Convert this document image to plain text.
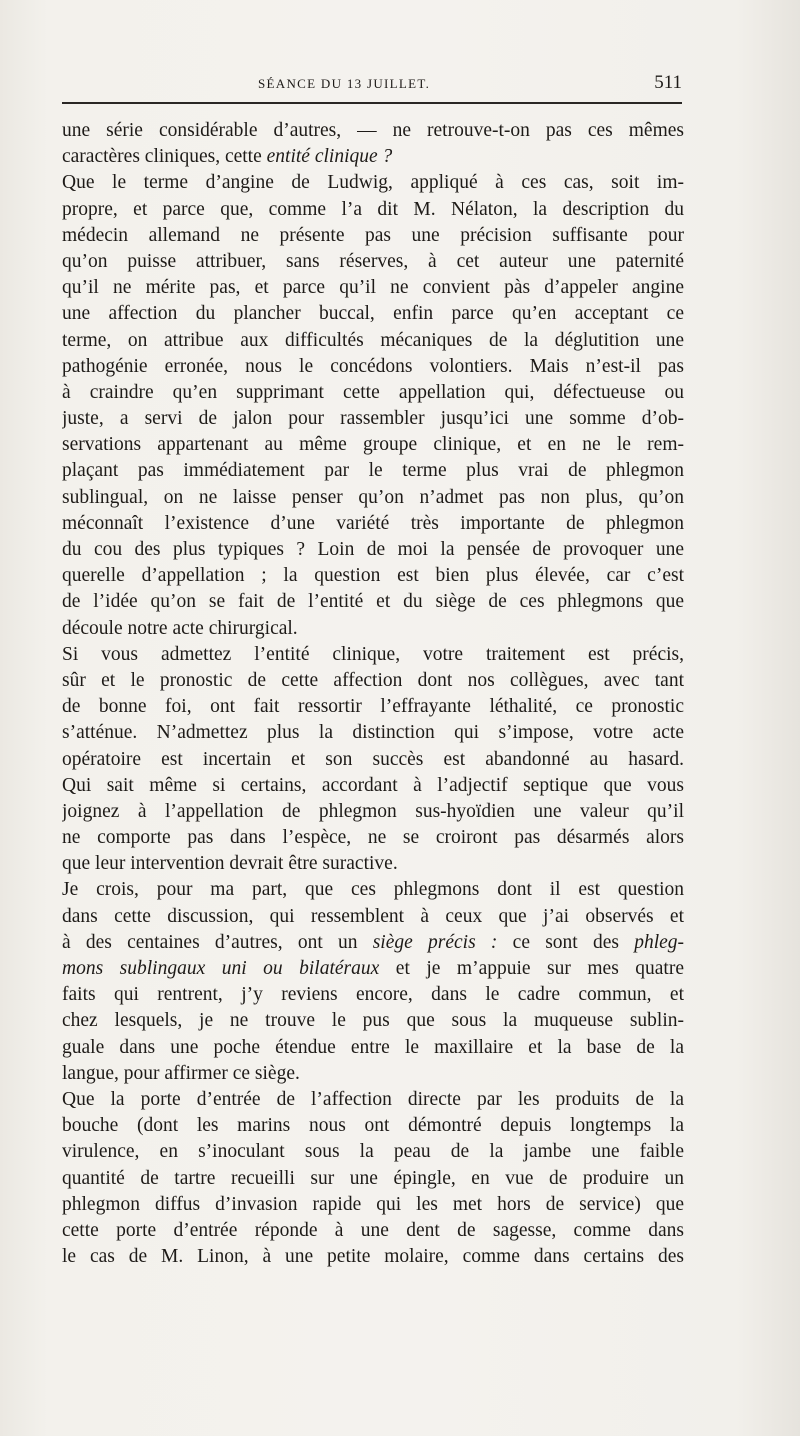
SÉANCE DU 13 JUILLET.	511
une série considérable d’autres, — ne retrouve-t-on pas ces mêmes
caractères cliniques, cette entité clinique ?
Que le terme d’angine de Ludwig, appliqué à ces cas, soit im-
propre, et parce que, comme l’a dit M. Nélaton, la description du
médecin allemand ne présente pas une précision suffisante pour
qu’on puisse attribuer, sans réserves, à cet auteur une paternité
qu’il ne mérite pas, et parce qu’il ne convient pàs d’appeler angine
une affection du plancher buccal, enfin parce qu’en acceptant ce
terme, on attribue aux difficultés mécaniques de la déglutition une
pathogénie erronée, nous le concédons volontiers. Mais n’est-il pas
à craindre qu’en supprimant cette appellation qui, défectueuse ou
juste, a servi de jalon pour rassembler jusqu’ici une somme d’ob-
servations appartenant au même groupe clinique, et en ne le rem-
plaçant pas immédiatement par le terme plus vrai de phlegmon
sublingual, on ne laisse penser qu’on n’admet pas non plus, qu’on
méconnaît l’existence d’une variété très importante de phlegmon
du cou des plus typiques ? Loin de moi la pensée de provoquer une
querelle d’appellation ; la question est bien plus élevée, car c’est
de l’idée qu’on se fait de l’entité et du siège de ces phlegmons que
découle notre acte chirurgical.
Si vous admettez l’entité clinique, votre traitement est précis,
sûr et le pronostic de cette affection dont nos collègues, avec tant
de bonne foi, ont fait ressortir l’effrayante léthalité, ce pronostic
s’atténue. N’admettez plus la distinction qui s’impose, votre acte
opératoire est incertain et son succès est abandonné au hasard.
Qui sait même si certains, accordant à l’adjectif septique que vous
joignez à l’appellation de phlegmon sus-hyoïdien une valeur qu’il
ne comporte pas dans l’espèce, ne se croiront pas désarmés alors
que leur intervention devrait être suractive.
Je crois, pour ma part, que ces phlegmons dont il est question
dans cette discussion, qui ressemblent à ceux que j’ai observés et
à des centaines d’autres, ont un siège précis : ce sont des phleg-
mons sublingaux uni ou bilatéraux et je m’appuie sur mes quatre
faits qui rentrent, j’y reviens encore, dans le cadre commun, et
chez lesquels, je ne trouve le pus que sous la muqueuse sublin-
guale dans une poche étendue entre le maxillaire et la base de la
langue, pour affirmer ce siège.
Que la porte d’entrée de l’affection directe par les produits de la
bouche (dont les marins nous ont démontré depuis longtemps la
virulence, en s’inoculant sous la peau de la jambe une faible
quantité de tartre recueilli sur une épingle, en vue de produire un
phlegmon diffus d’invasion rapide qui les met hors de service) que
cette porte d’entrée réponde à une dent de sagesse, comme dans
le cas de M. Linon, à une petite molaire, comme dans certains des
